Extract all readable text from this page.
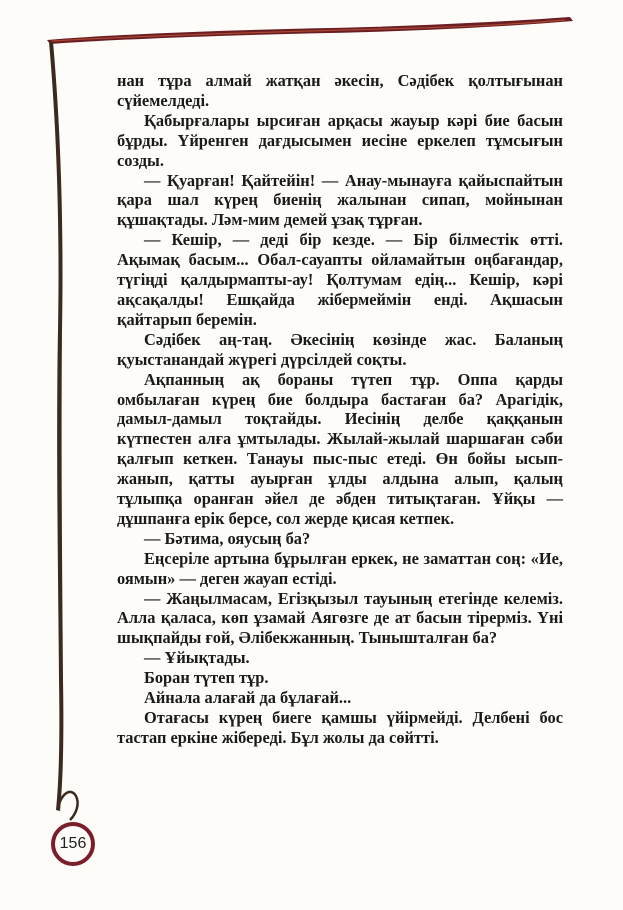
нан тұра алмай жатқан әкесін, Сәдібек қолтығынан сүйемелдеді.

Қабырғалары ырсиған арқасы жауыр кәрі бие басын бұрды. Үйренген дағдысымен иесіне еркелеп тұмсығын созды.

— Қуарған! Қайтейін! — Анау-мынауға қайыспайтын қара шал күрең биенің жалынан сипап, мойнынан құшақтады. Ләм-мим демей ұзақ тұрған.

— Кешір, — деді бір кезде. — Бір білместік өтті. Ақымақ басым... Обал-сауапты ойламайтын оңбағандар, түгіңді қалдырмапты-ау! Қолтумам едің... Кешір, кәрі ақсақалды! Ешқайда жібермеймін енді. Ақшасын қайтарып беремін.

Сәдібек аң-таң. Әкесінің көзінде жас. Баланың қуыстанандай жүрегі дүрсілдей соқты.

Ақпанның ақ бораны түтеп тұр. Оппа қарды омбылаған күрең бие болдыра бастаған ба? Арагідік, дамыл-дамыл тоқтайды. Иесінің делбе қаққанын күтпестен алға ұмтылады. Жылай-жылай шаршаған сәби қалғып кеткен. Танауы пыс-пыс етеді. Өн бойы ысып-жанып, қатты ауырған ұлды алдына алып, қалың тұлыпқа оранған әйел де әбден титықтаған. Ұйқы — дұшпанға ерік берсе, сол жерде қисая кетпек.

— Бәтима, ояусың ба?

Еңсеріле артына бұрылған еркек, не заматтан соң: «Ие, оямын» — деген жауап естіді.

— Жаңылмасам, Егізқызыл тауының етегінде келеміз. Алла қаласа, көп ұзамай Аягөзге де ат басын тірерміз. Үні шықпайды ғой, Әлібекжанның. Тынышталған ба?

— Ұйықтады.

Боран түтеп тұр.

Айнала алағай да бұлағай...

Отағасы күрең биеге қамшы үйірмейді. Делбені бос тастап еркіне жібереді. Бұл жолы да сөйтті.

156
